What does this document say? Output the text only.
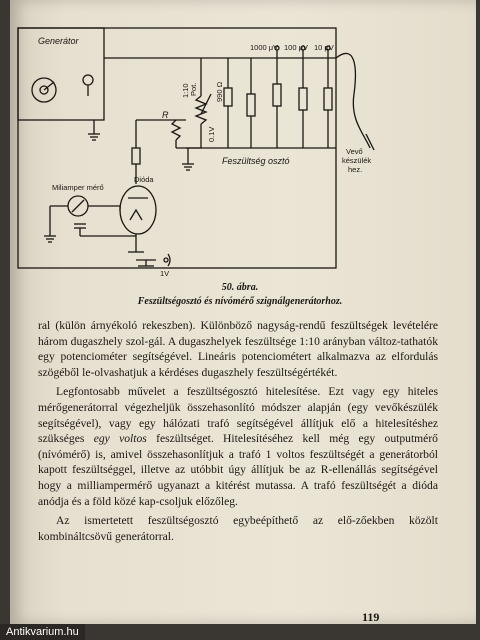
Generátor
Miliamper mérő
Dióda
R
Feszültség osztó
1000 μV 100 μV 10 μV
1:10 Pot. 990 Ω
0.1V
1V
Vevő
készülék
hez.
50. ábra.
Feszültségosztó és nívómérő szignálgenerátorhoz.

ral (külön árnyékoló rekeszben). Különböző nagyság-rendű feszültségek levételére három dugaszhely szol-gál. A dugaszhelyek feszültsége 1:10 arányban változ-tathatók egy potenciométer segítségével. Lineáris potenciométert alkalmazva az elfordulás szögéből le-olvashatjuk a kérdéses dugaszhely feszültségértékét.

Legfontosabb művelet a feszültségosztó hitelesítése. Ezt vagy egy hiteles mérőgenerátorral végezheljük összehasonlító módszer alapján (egy vevőkészülék segítségével), vagy egy hálózati trafó segítségével állítjuk elő a hitelesítéshez szükséges egy voltos feszültséget. Hitelesítéséhez kell még egy outputmérő (nívómérő) is, amivel összehasonlítjuk a trafó 1 voltos feszültségét a generátorból kapott feszültséggel, illetve az utóbbit úgy állítjuk be az R-ellenállás segítségével hogy a milliampermérő ugyanazt a kitérést mutassa. A trafó feszültségét a dióda anódja és a föld közé kap-csoljuk előzőleg.

Az ismertetett feszültségosztó egybeépíthető az elő-zőekben közölt kombináltcsövű generátorral.

119
Antikvarium.hu
